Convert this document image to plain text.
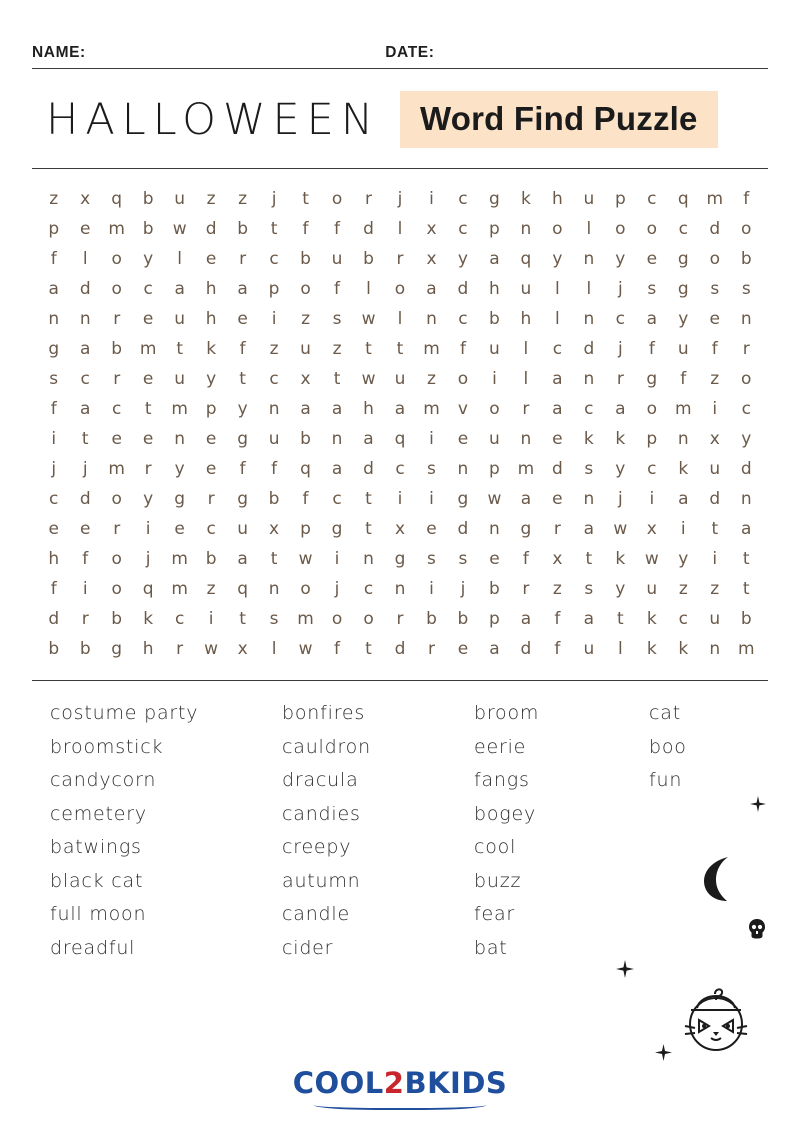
NAME:	DATE:
HALLOWEEN	Word Find Puzzle
z	x	q	b	u	z	z	j	t	o	r	j	i	c	g	k	h	u	p	c	q	m	f
p	e	m	b	w	d	b	t	f	f	d	l	x	c	p	n	o	l	o	o	c	d	o
f	l	o	y	l	e	r	c	b	u	b	r	x	y	a	q	y	n	y	e	g	o	b
a	d	o	c	a	h	a	p	o	f	l	o	a	d	h	u	l	l	j	s	g	s	s
n	n	r	e	u	h	e	i	z	s	w	l	n	c	b	h	l	n	c	a	y	e	n
g	a	b	m	t	k	f	z	u	z	t	t	m	f	u	l	c	d	j	f	u	f	r
s	c	r	e	u	y	t	c	x	t	w	u	z	o	i	l	a	n	r	g	f	z	o
f	a	c	t	m	p	y	n	a	a	h	a	m	v	o	r	a	c	a	o	m	i	c
i	t	e	e	n	e	g	u	b	n	a	q	i	e	u	n	e	k	k	p	n	x	y
j	j	m	r	y	e	f	f	q	a	d	c	s	n	p	m	d	s	y	c	k	u	d
c	d	o	y	g	r	g	b	f	c	t	i	i	g	w	a	e	n	j	i	a	d	n
e	e	r	i	e	c	u	x	p	g	t	x	e	d	n	g	r	a	w	x	i	t	a
h	f	o	j	m	b	a	t	w	i	n	g	s	s	e	f	x	t	k	w	y	i	t
f	i	o	q	m	z	q	n	o	j	c	n	i	j	b	r	z	s	y	u	z	z	t
d	r	b	k	c	i	t	s	m	o	o	r	b	b	p	a	f	a	t	k	c	u	b
b	b	g	h	r	w	x	l	w	f	t	d	r	e	a	d	f	u	l	k	k	n	m
costume party
broomstick
candycorn
cemetery
batwings
black cat
full moon
dreadful
bonfires
cauldron
dracula
candies
creepy
autumn
candle
cider
broom
eerie
fangs
bogey
cool
buzz
fear
bat
cat
boo
fun
COOL2BKIDS
